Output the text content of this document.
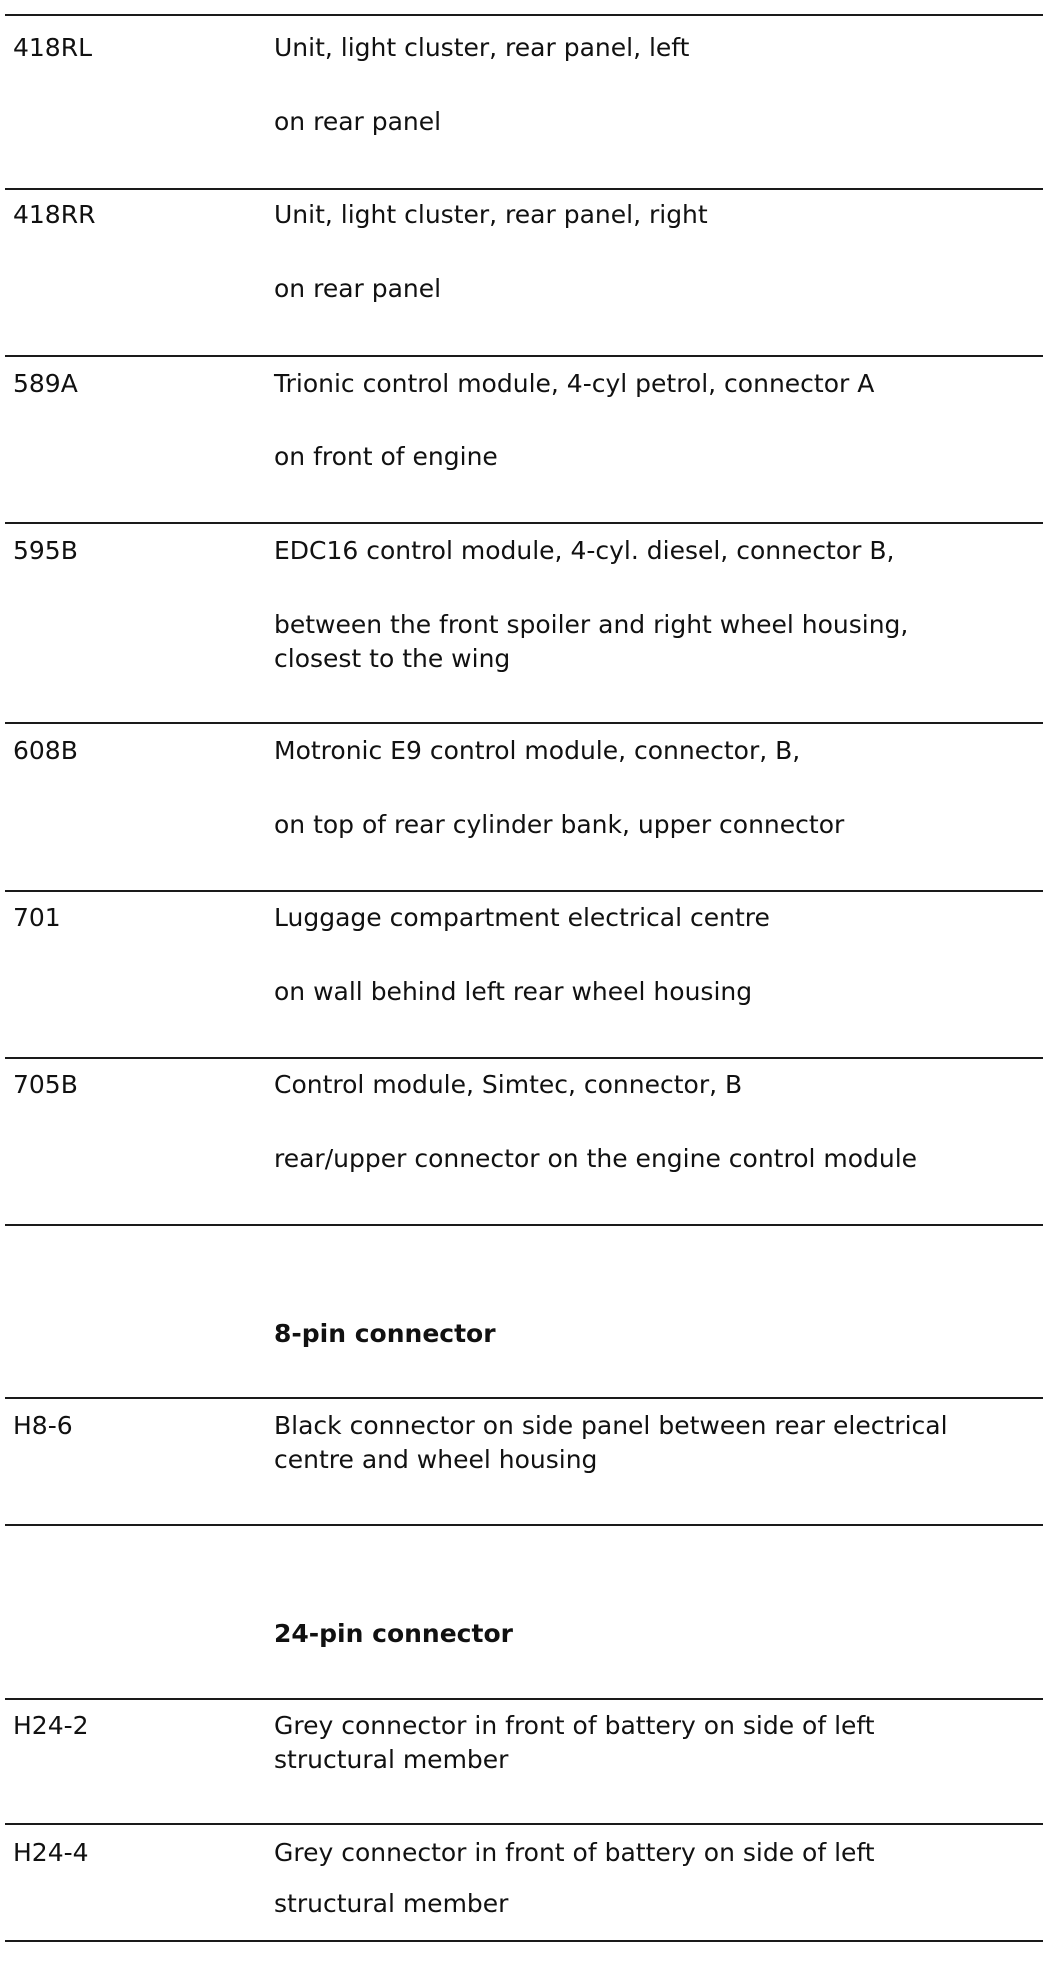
418RL	Unit, light cluster, rear panel, left
on rear panel
418RR	Unit, light cluster, rear panel, right
on rear panel
589A	Trionic control module, 4-cyl petrol, connector A
on front of engine
595B	EDC16 control module, 4-cyl. diesel, connector B,
between the front spoiler and right wheel housing,
closest to the wing
608B	Motronic E9 control module, connector, B,
on top of rear cylinder bank, upper connector
701	Luggage compartment electrical centre
on wall behind left rear wheel housing
705B	Control module, Simtec, connector, B
rear/upper connector on the engine control module
8-pin connector
H8-6	Black connector on side panel between rear electrical
centre and wheel housing
24-pin connector
H24-2	Grey connector in front of battery on side of left
structural member
H24-4	Grey connector in front of battery on side of left
structural member
